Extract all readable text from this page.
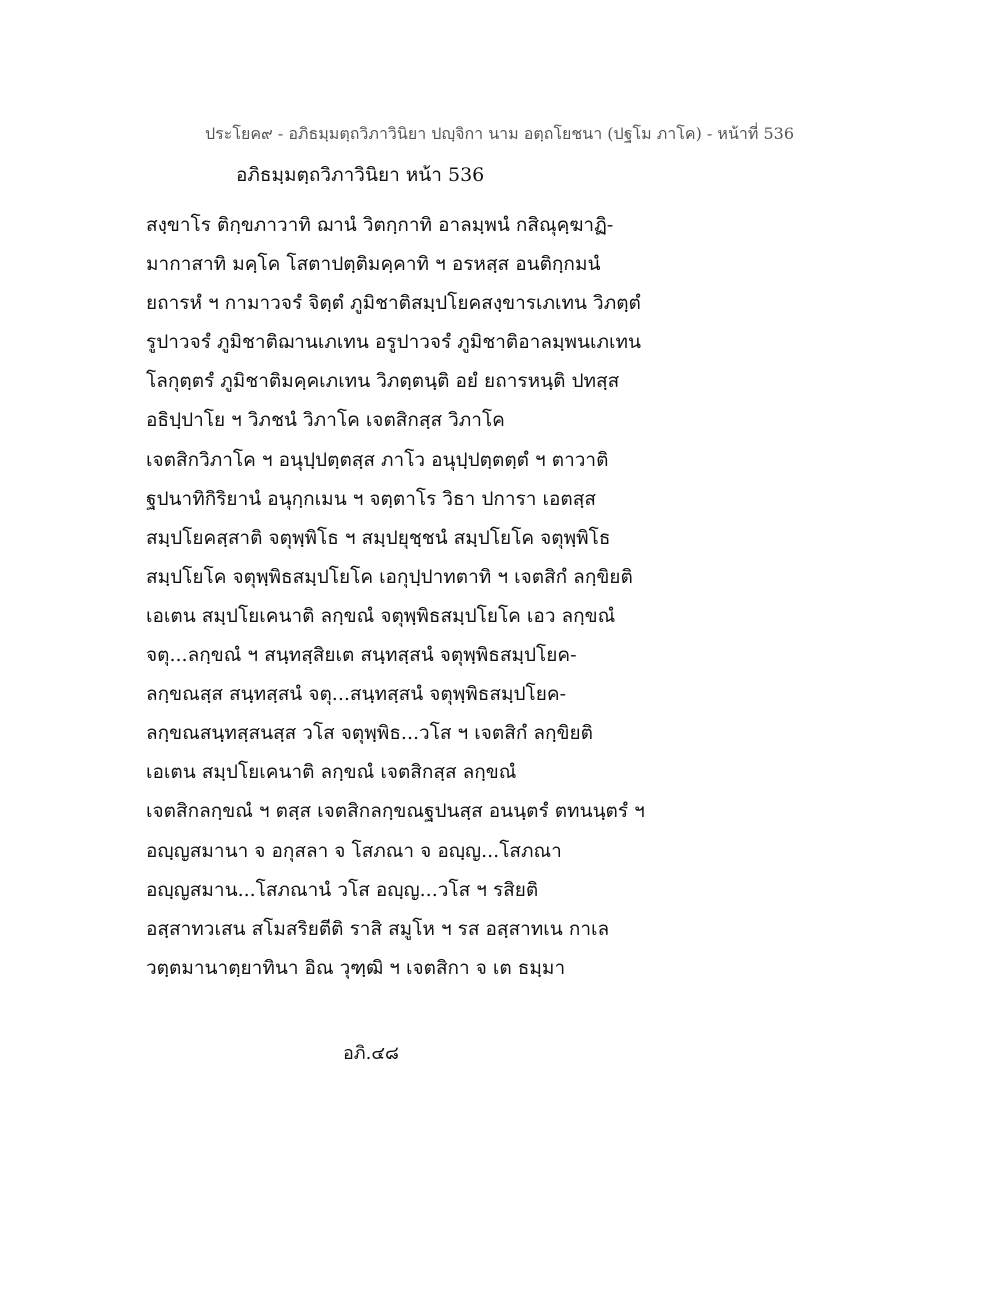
ประโยค๙ - อภิธมฺมตฺถวิภาวินิยา ปญฺจิกา นาม อตฺถโยชนา (ปฐโม ภาโค) - หน้าที่ 536
อภิธมฺมตฺถวิภาวินิยา หน้า 536
สงฺขาโร ติกฺขภาวาทิ ฌานํ วิตกฺกาทิ อาลมฺพนํ กสิณุคฺฆาฏิ-
มากาสาทิ มคฺโค โสตาปตฺติมคฺคาทิ ฯ อรหสฺส อนติกฺกมนํ
ยถารหํ ฯ กามาวจรํ จิตฺตํ ภูมิชาติสมฺปโยคสงฺขารเภเทน วิภตฺตํ
รูปาวจรํ ภูมิชาติฌานเภเทน อรูปาวจรํ ภูมิชาติอาลมฺพนเภเทน
โลกุตฺตรํ ภูมิชาติมคฺคเภเทน วิภตฺตนฺติ อยํ ยถารหนฺติ ปทสฺส
อธิปฺปาโย ฯ วิภชนํ วิภาโค เจตสิกสฺส วิภาโค
เจตสิกวิภาโค ฯ อนุปฺปตฺตสฺส ภาโว อนุปฺปตฺตตฺตํ ฯ ตาวาติ
ฐปนาทิกิริยานํ อนุกฺกเมน ฯ จตฺตาโร วิธา ปการา เอตสฺส
สมฺปโยคสฺสาติ จตุพฺพิโธ ฯ สมฺปยุชฺชนํ สมฺปโยโค จตุพฺพิโธ
สมฺปโยโค จตุพฺพิธสมฺปโยโค เอกุปฺปาทตาทิ ฯ เจตสิกํ ลกฺขิยติ
เอเตน สมฺปโยเคนาติ ลกฺขณํ จตุพฺพิธสมฺปโยโค เอว ลกฺขณํ
จตุ...ลกฺขณํ ฯ สนฺทสฺสิยเต สนฺทสฺสนํ จตุพฺพิธสมฺปโยค-
ลกฺขณสฺส สนฺทสฺสนํ จตุ...สนฺทสฺสนํ จตุพฺพิธสมฺปโยค-
ลกฺขณสนฺทสฺสนสฺส วโส จตุพฺพิธ...วโส ฯ เจตสิกํ ลกฺขิยติ
เอเตน สมฺปโยเคนาติ ลกฺขณํ เจตสิกสฺส ลกฺขณํ
เจตสิกลกฺขณํ ฯ ตสฺส เจตสิกลกฺขณฐปนสฺส อนนฺตรํ ตทนนฺตรํ ฯ
อญฺญสมานา จ อกุสลา จ โสภณา จ อญฺญ...โสภณา
อญฺญสมาน...โสภณานํ วโส อญฺญ...วโส ฯ รสิยติ
อสฺสาทวเสน สโมสริยตีติ ราสิ สมูโห ฯ รส อสฺสาทเน กาเล
วตฺตมานาตฺยาทินา อิณ วุฑฺฒิ ฯ เจตสิกา จ เต ธมฺมา
อภิ.๔๘
